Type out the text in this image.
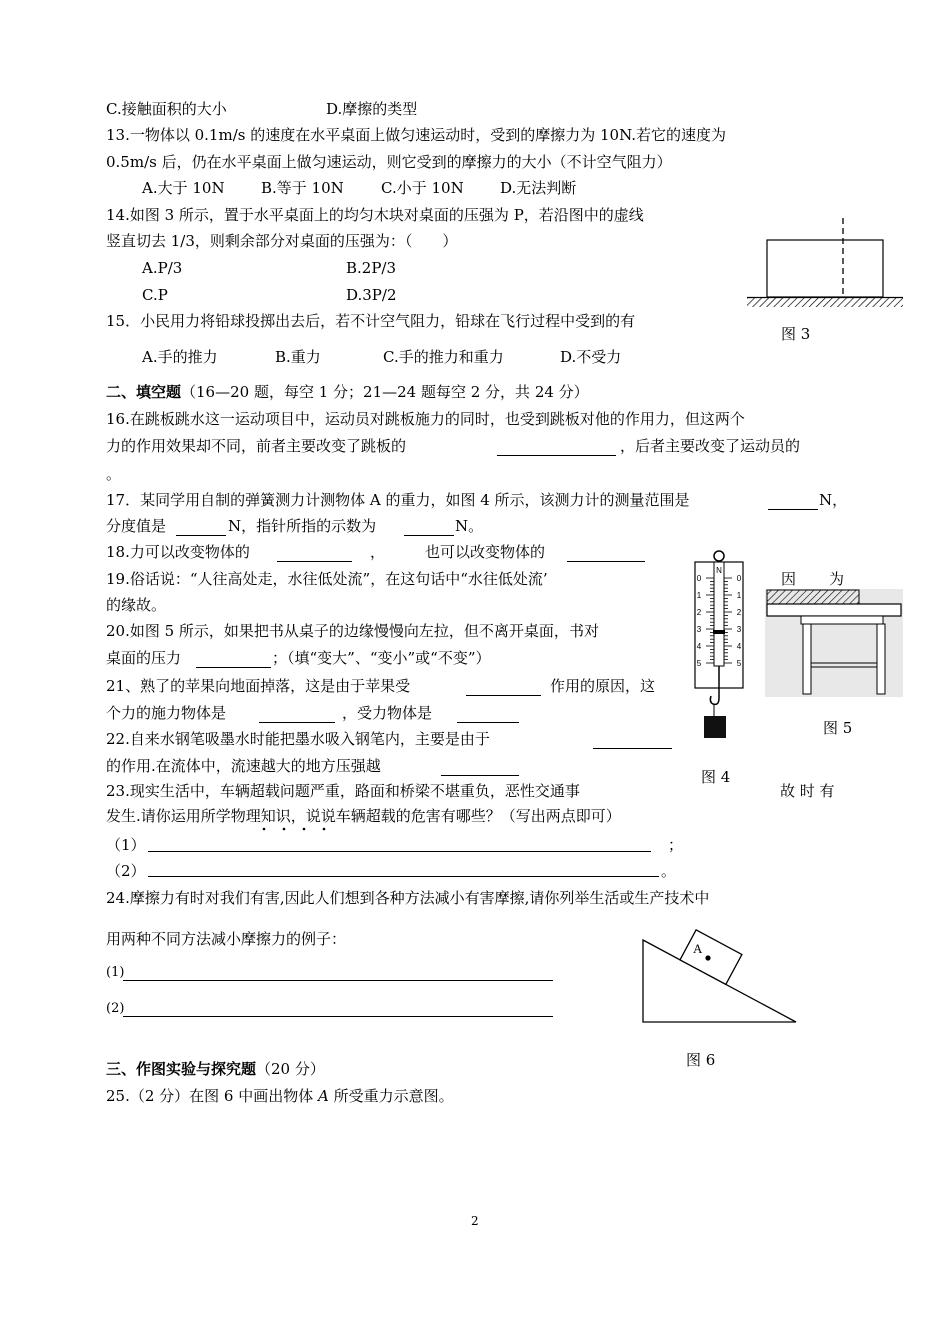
C.接触面积的大小	D.摩擦的类型
13.一物体以 0.1m/s 的速度在水平桌面上做匀速运动时，受到的摩擦力为 10N.若它的速度为
0.5m/s 后，仍在水平桌面上做匀速运动，则它受到的摩擦力的大小（不计空气阻力）
A.大于 10N B.等于 10N C.小于 10N D.无法判断
14.如图 3 所示，置于水平桌面上的均匀木块对桌面的压强为 P，若沿图中的虚线
竖直切去 1/3，则剩余部分对桌面的压强为：（　　）
A.P/3	B.2P/3
C.P	D.3P/2
图 3
15．小民用力将铅球投掷出去后，若不计空气阻力，铅球在飞行过程中受到的有
A.手的推力	B.重力	C.手的推力和重力	D.不受力
二、填空题（16—20 题，每空 1 分；21—24 题每空 2 分，共 24 分）
16.在跳板跳水这一运动项目中，运动员对跳板施力的同时，也受到跳板对他的作用力，但这两个
力的作用效果却不同，前者主要改变了跳板的	，后者主要改变了运动员的
。
17．某同学用自制的弹簧测力计测物体 A 的重力，如图 4 所示，该测力计的测量范围是	N，
分度值是	N，指针所指的示数为	N。
18.力可以改变物体的	，	也可以改变物体的
19.俗话说：“人往高处走，水往低处流”，在这句话中“水往低处流’	因 为
的缘故。
20.如图 5 所示，如果把书从桌子的边缘慢慢向左拉，但不离开桌面，书对
桌面的压力	；（填“变大”、“变小”或“不变”）
21、熟了的苹果向地面掉落，这是由于苹果受	作用的原因，这
个力的施力物体是	，受力物体是
22.自来水钢笔吸墨水时能把墨水吸入钢笔内，主要是由于
的作用.在流体中，流速越大的地方压强越
N
0	0
1	1
2	2
3	3
4	4
5	5
图 4
图 5
23.现实生活中，车辆超载问题严重，路面和桥梁不堪重负，恶性交通事	故 时 有
发生.请你运用所学物理知识，说说车辆超载的危害有哪些？（写出两点即可）
（1）	；
（2）	。
24.摩擦力有时对我们有害,因此人们想到各种方法减小有害摩擦,请你列举生活或生产技术中
用两种不同方法减小摩擦力的例子：
(1)
(2)
A
图 6
三、作图实验与探究题（20 分）
25.（2 分）在图 6 中画出物体 A 所受重力示意图。
2
